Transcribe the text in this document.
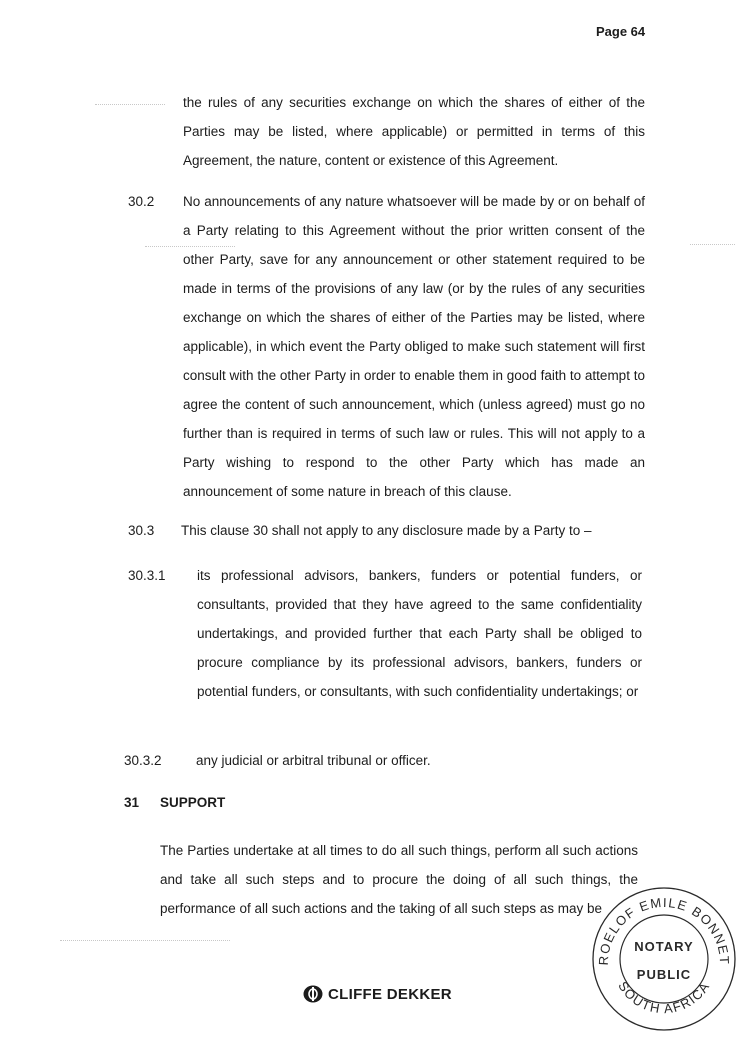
Page 64
the rules of any securities exchange on which the shares of either of the Parties may be listed, where applicable) or permitted in terms of this Agreement, the nature, content or existence of this Agreement.
30.2 No announcements of any nature whatsoever will be made by or on behalf of a Party relating to this Agreement without the prior written consent of the other Party, save for any announcement or other statement required to be made in terms of the provisions of any law (or by the rules of any securities exchange on which the shares of either of the Parties may be listed, where applicable), in which event the Party obliged to make such statement will first consult with the other Party in order to enable them in good faith to attempt to agree the content of such announcement, which (unless agreed) must go no further than is required in terms of such law or rules. This will not apply to a Party wishing to respond to the other Party which has made an announcement of some nature in breach of this clause.
30.3 This clause 30 shall not apply to any disclosure made by a Party to –
30.3.1 its professional advisors, bankers, funders or potential funders, or consultants, provided that they have agreed to the same confidentiality undertakings, and provided further that each Party shall be obliged to procure compliance by its professional advisors, bankers, funders or potential funders, or consultants, with such confidentiality undertakings; or
30.3.2	any judicial or arbitral tribunal or officer.
31 SUPPORT
The Parties undertake at all times to do all such things, perform all such actions and take all such steps and to procure the doing of all such things, the performance of all such actions and the taking of all such steps as may be
CLIFFE DEKKER
ROELOF EMILE BONNET
SOUTH AFRICA
NOTARY
PUBLIC
